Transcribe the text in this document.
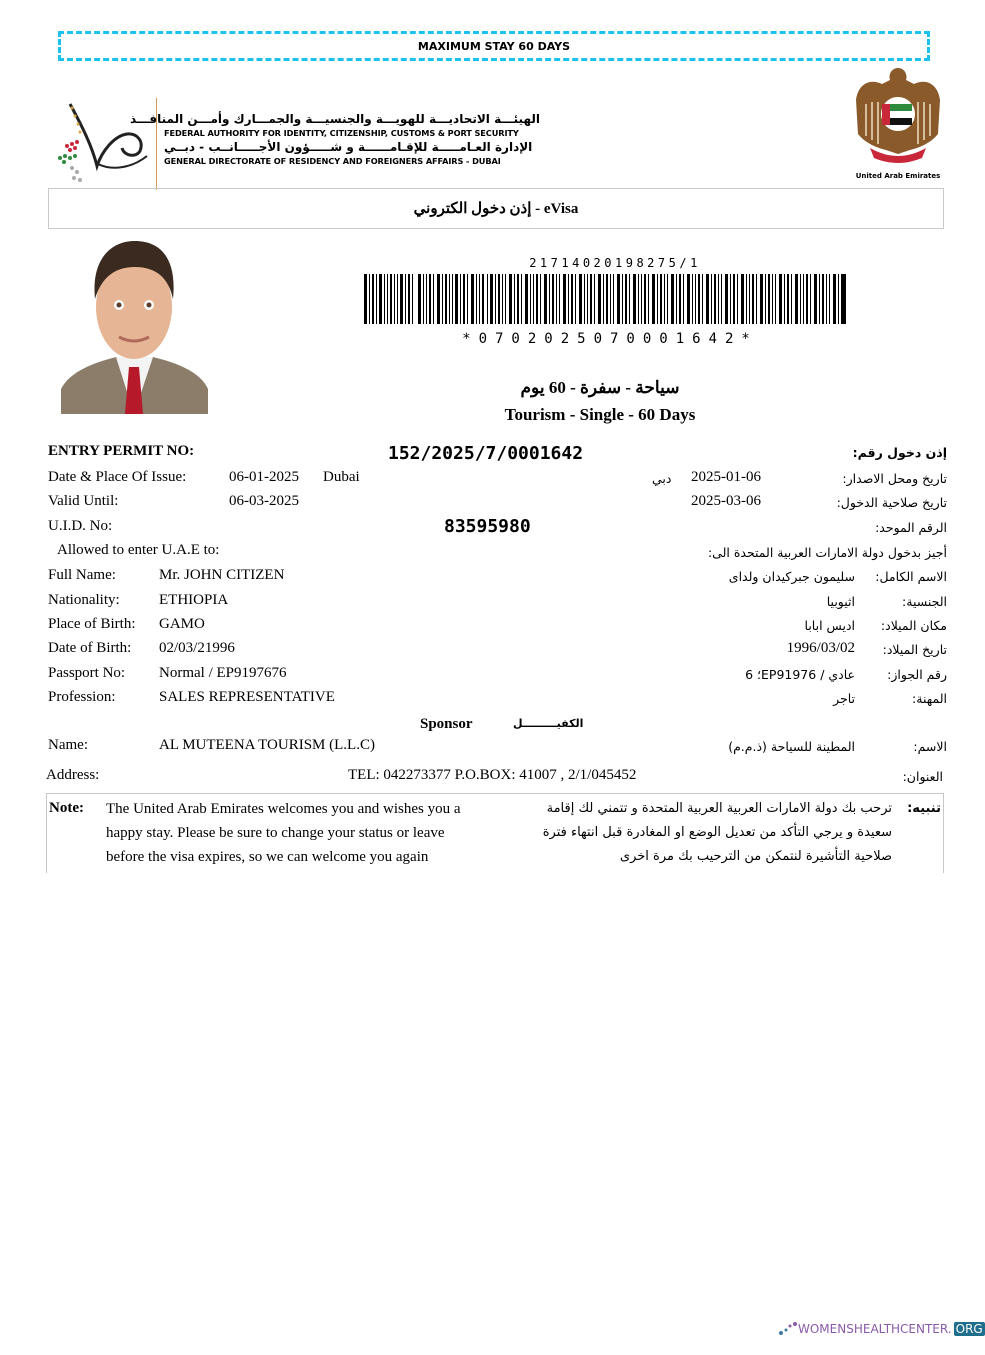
MAXIMUM STAY 60 DAYS
الهيئـــة الاتحاديـــة للهويـــة والجنسيـــة والجمـــارك وأمـــن المنافـــذ
FEDERAL AUTHORITY FOR IDENTITY, CITIZENSHIP, CUSTOMS & PORT SECURITY
الإدارة العـامـــــة للإقـامــــــة و شـــــؤون الأجـــــانــب - دبــي
GENERAL DIRECTORATE OF RESIDENCY AND FOREIGNERS AFFAIRS - DUBAI
United Arab Emirates
إذن دخول الكتروني - eVisa
21714020198275/1
*0702025070001642*
سياحة - سفرة - 60 يوم
Tourism - Single - 60 Days
ENTRY PERMIT NO:	152/2025/7/0001642	إذن دخول رقم:
Date & Place Of Issue:	06-01-2025 Dubai	دبي 2025-01-06	تاريخ ومحل الاصدار:
Valid Until:	06-03-2025	2025-03-06	تاريخ صلاحية الدخول:
U.I.D. No:	83595980	الرقم الموحد:
Allowed to enter U.A.E to:	أجيز بدخول دولة الامارات العربية المتحدة الى:
Full Name:	Mr. JOHN CITIZEN	سليمون جبركيدان ولداى الاسم الكامل:
Nationality:	ETHIOPIA	اثيوبيا	الجنسية:
Place of Birth: GAMO	اديس ابابا مكان الميلاد:
Date of Birth: 02/03/21996	1996/03/02 تاريخ الميلاد:
Passport No: Normal / EP9197676	عادي / EP91976؛ 6	رقم الجواز:
Profession:	SALES REPRESENTATIVE	تاجر	المهنة:
Sponsor	الكفيـــــــــل
Name:	AL MUTEENA TOURISM (L.L.C)	المطينة للسياحة (ذ.م.م)	الاسم:
Address:	TEL: 042273377 P.O.BOX: 41007 , 2/1/045452	العنوان:
Note: The United Arab Emirates welcomes you and wishes you a happy stay. Please be sure to change your status or leave before the visa expires, so we can welcome you again
تنبيه:
ترحب بك دولة الامارات العربية العربية المتحدة و تتمني لك إقامة سعيدة و يرجي التأكد من تعديل الوضع او المغادرة قبل انتهاء فترة صلاحية التأشيرة لنتمكن من الترحيب بك مرة اخرى
WOMENSHEALTHCENTER. ORG
